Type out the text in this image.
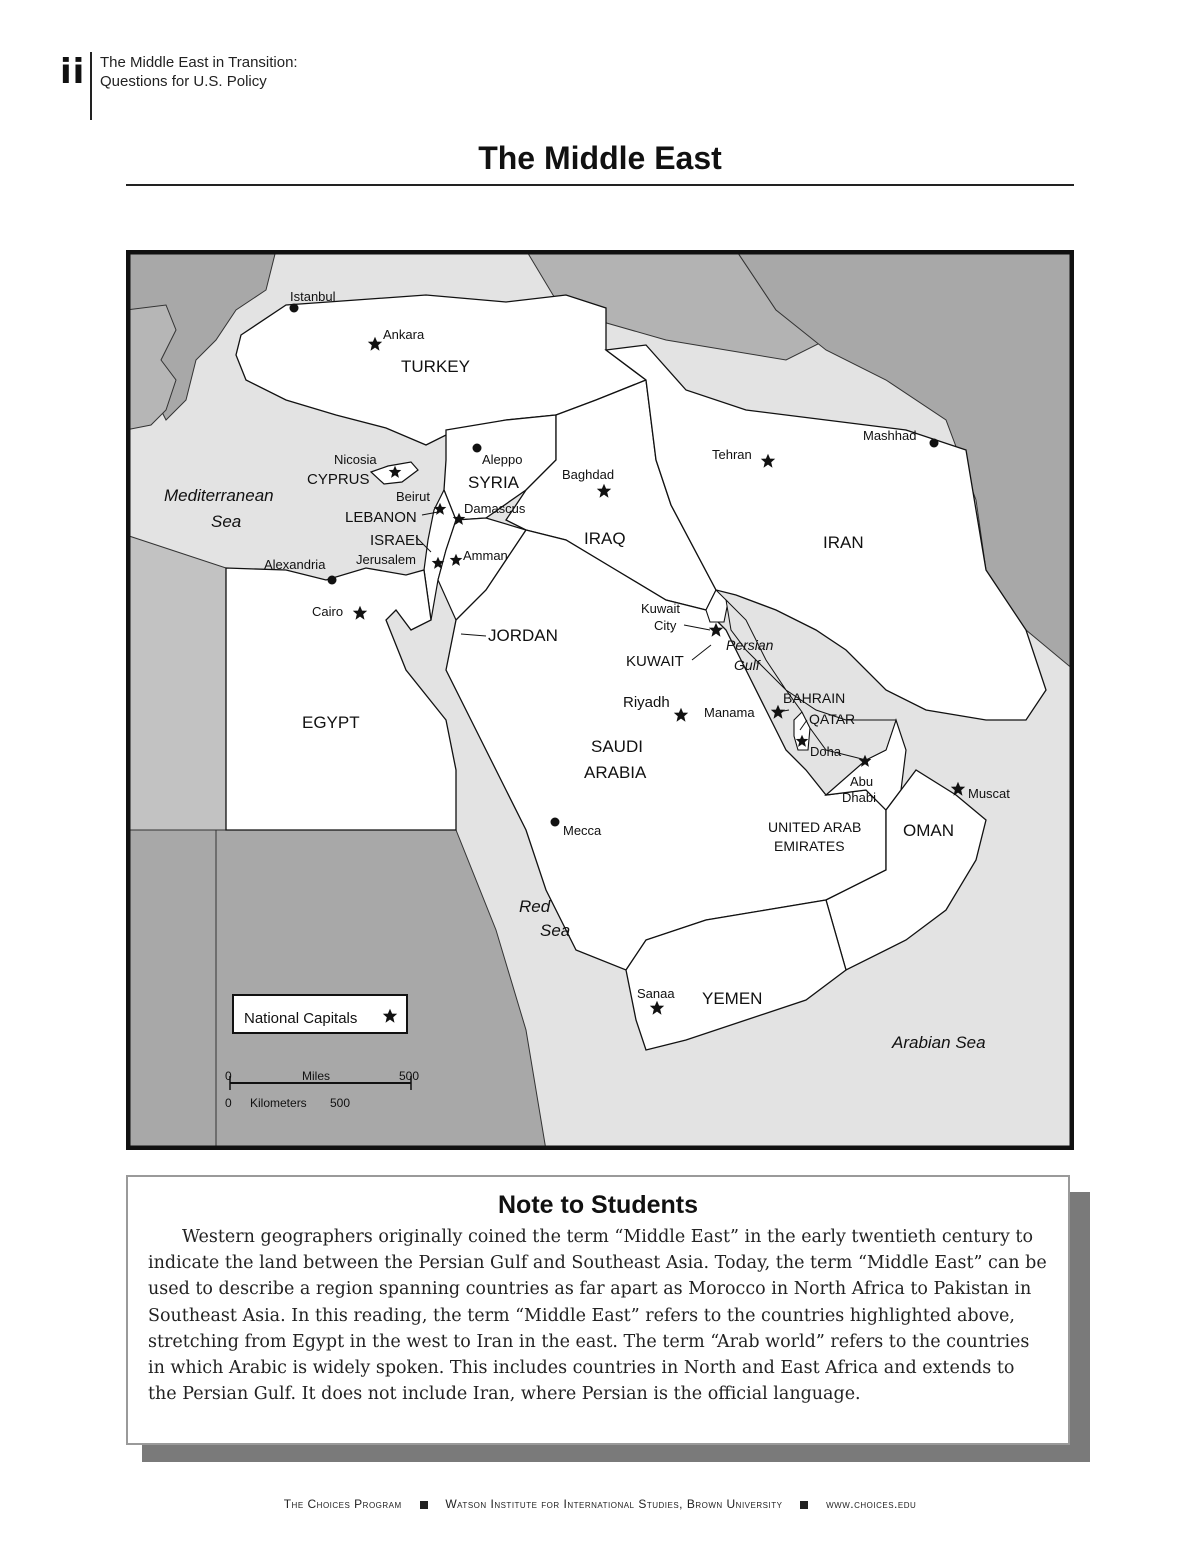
ii The Middle East in Transition:
Questions for U.S. Policy
The Middle East
TURKEY
SYRIA
CYPRUS
LEBANON
ISRAEL
JORDAN
IRAQ	IRAN
KUWAIT
SAUDI
ARABIA
EGYPT
BAHRAIN
QATAR
UNITED ARAB
EMIRATES
OMAN
YEMEN
Ankara
Nicosia
Beirut
Damascus
Jerusalem	Amman
Baghdad
Tehran
Kuwait
City
Riyadh
Manama
Doha
Abu
Dhabi	Muscat
Sanaa
Cairo
Istanbul
Aleppo
Alexandria
Mecca
Mashhad
Mediterranean
Sea
Red
Sea
Persian
Gulf
Arabian Sea
National Capitals
0	Miles	500
0 Kilometers 500
Note to Students

Western geographers originally coined the term “Middle East” in the early twentieth century to indicate the land between the Persian Gulf and Southeast Asia. Today, the term “Middle East” can be used to describe a region spanning countries as far apart as Morocco in North Africa to Pakistan in Southeast Asia. In this reading, the term “Middle East” refers to the countries highlighted above, stretching from Egypt in the west to Iran in the east. The term “Arab world” refers to the countries in which Arabic is widely spoken. This includes countries in North and East Africa and extends to the Persian Gulf. It does not include Iran, where Persian is the official language.

The Choices Program	Watson Institute for International Studies, Brown University	www.choices.edu
